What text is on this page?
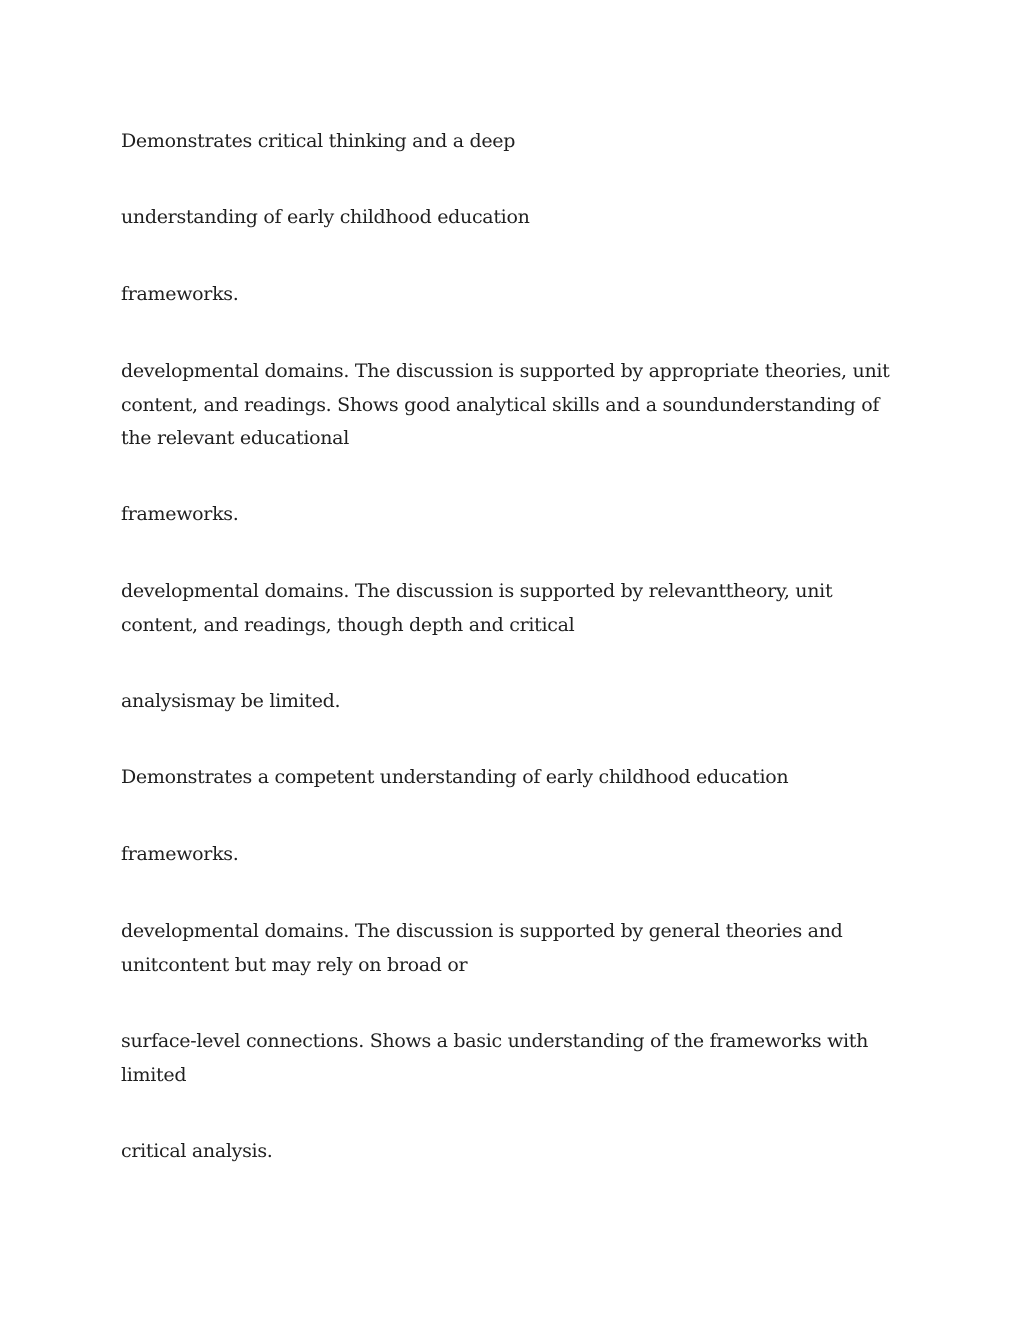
Demonstrates critical thinking and a deep

understanding of early childhood education

frameworks.

developmental domains. The discussion is supported by appropriate theories, unit content, and readings. Shows good analytical skills and a soundunderstanding of the relevant educational

frameworks.

developmental domains. The discussion is supported by relevanttheory, unit content, and readings, though depth and critical

analysismay be limited.

Demonstrates a competent understanding of early childhood education

frameworks.

developmental domains. The discussion is supported by general theories and unitcontent but may rely on broad or

surface-level connections. Shows a basic understanding of the frameworks with limited

critical analysis.
